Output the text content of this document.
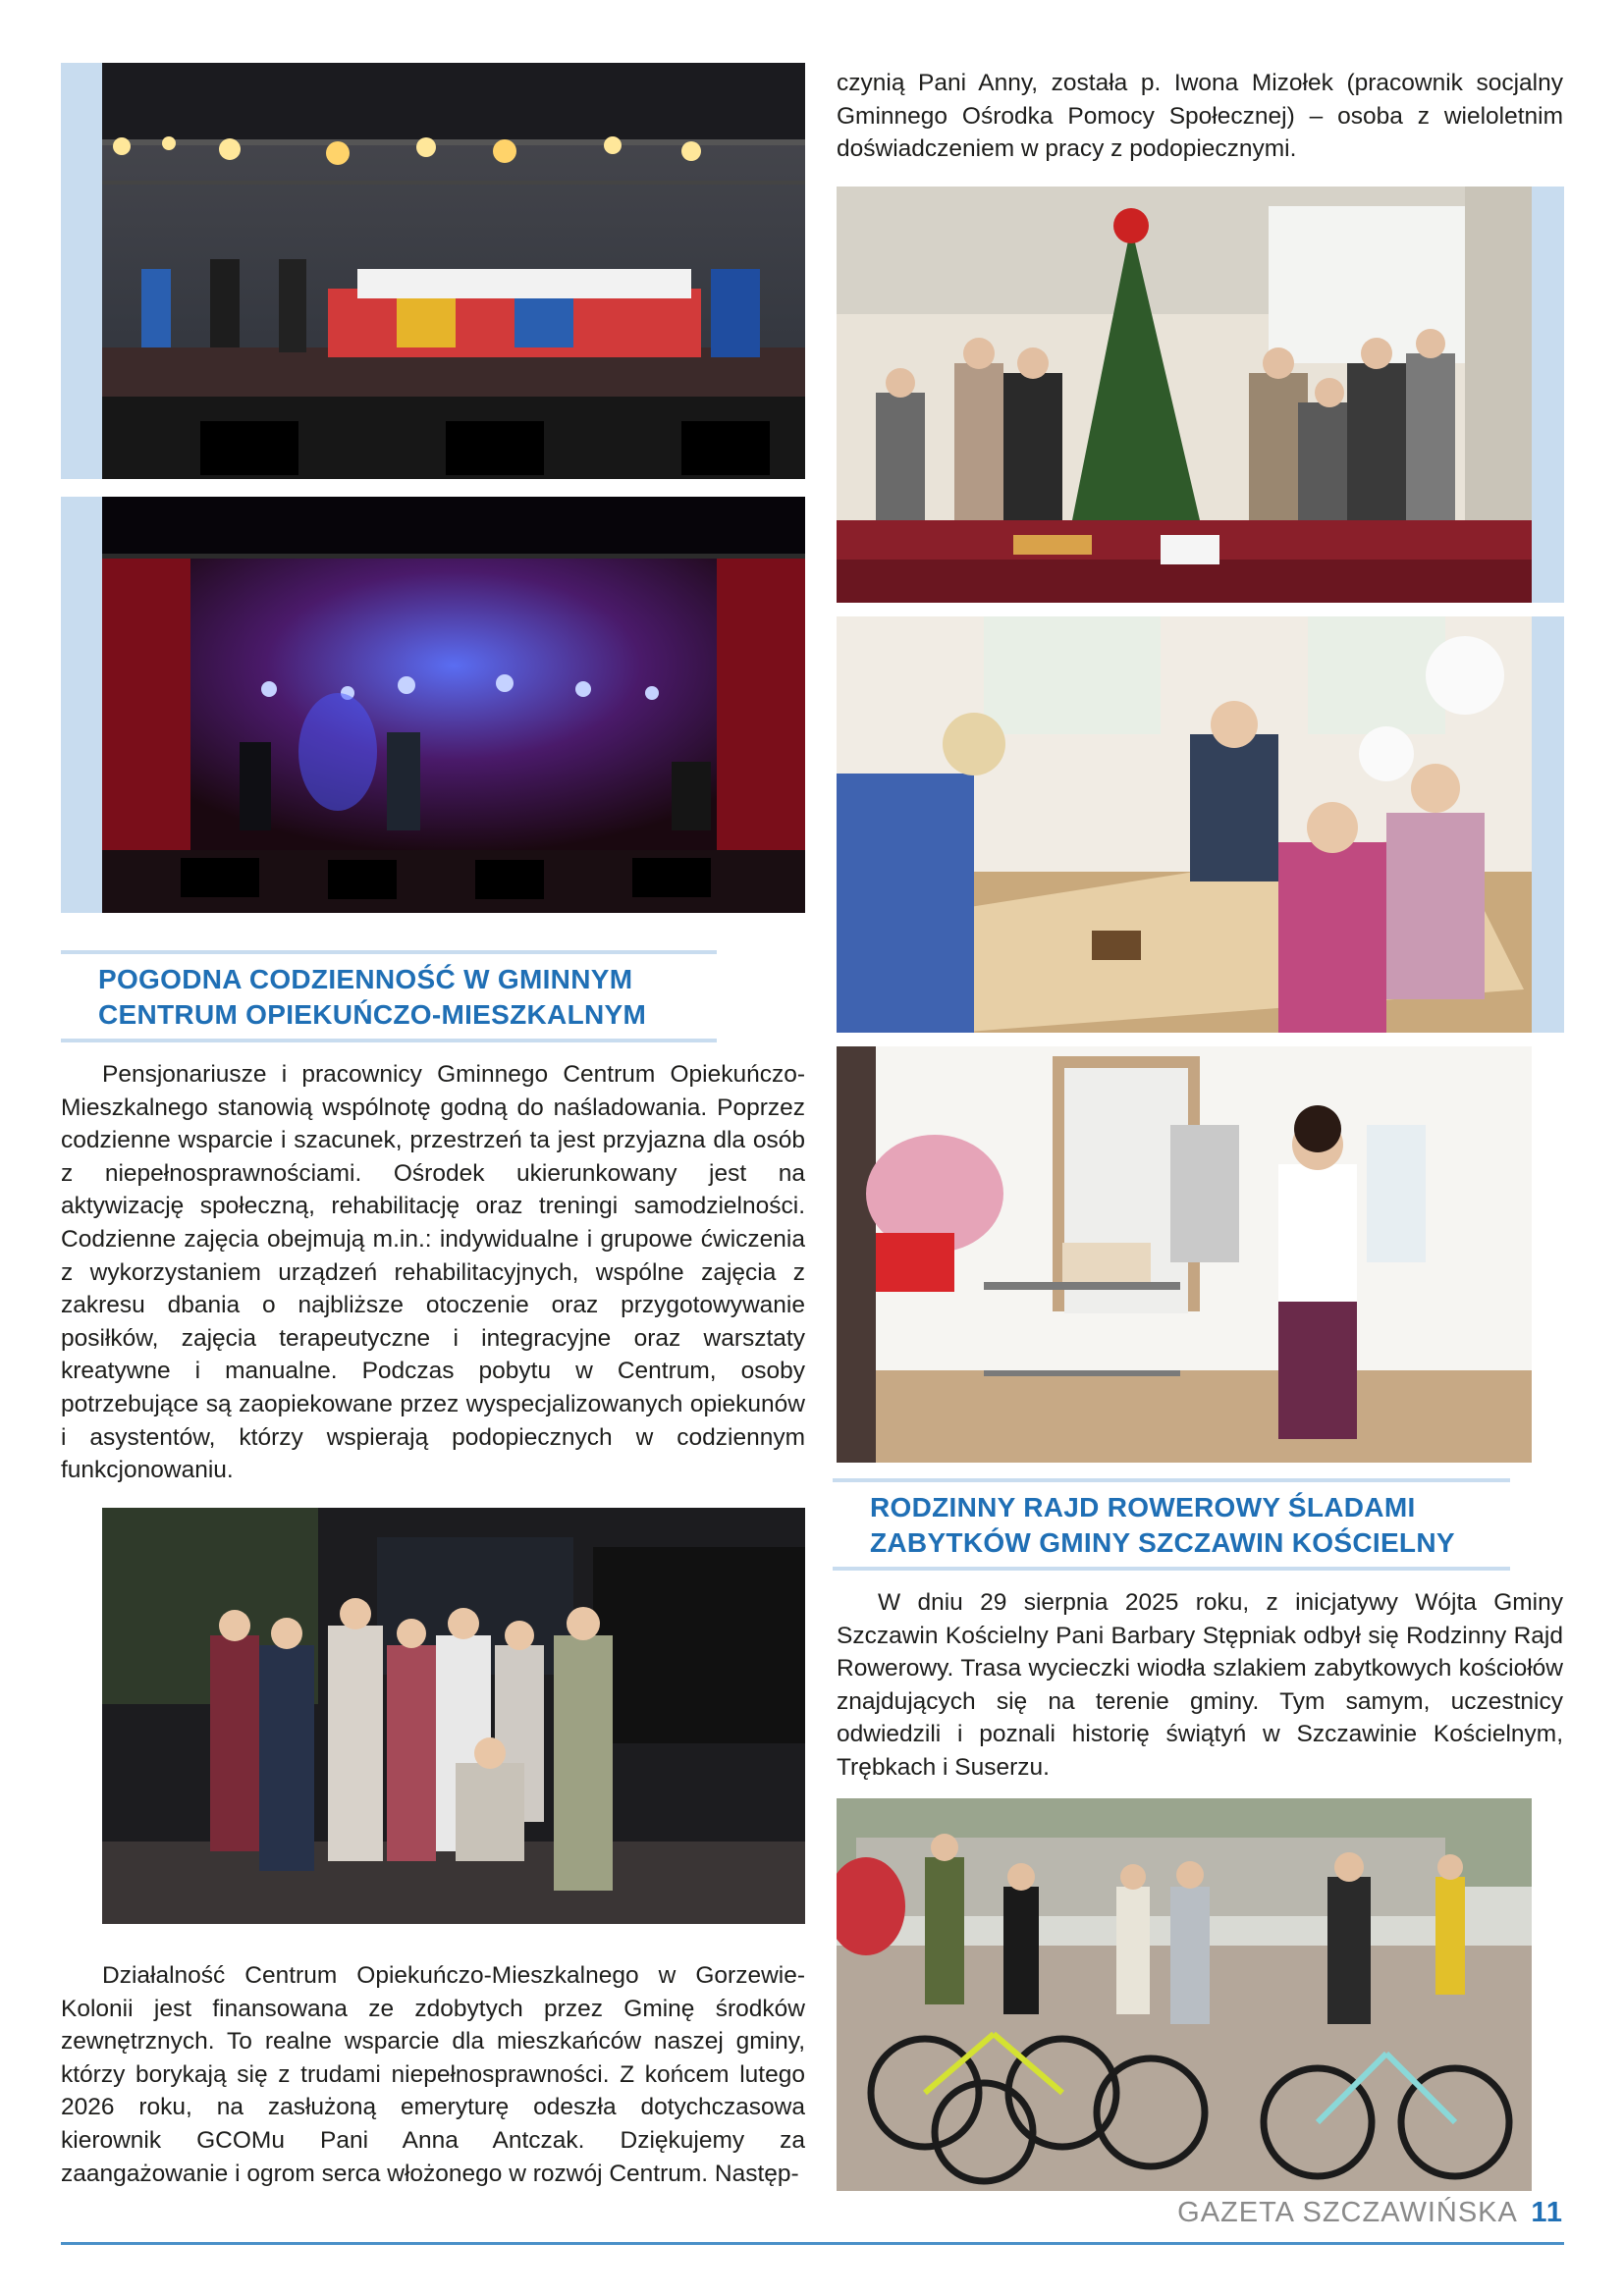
POGODNA CODZIENNOŚĆ W GMINNYM
CENTRUM OPIEKUŃCZO-MIESZKALNYM

Pensjonariusze i pracownicy Gminnego Centrum Opiekuńczo-Mieszkalnego stanowią wspólnotę godną do naśladowania. Poprzez codzienne wsparcie i szacunek, przestrzeń ta jest przyjazna dla osób z niepełnosprawnościami. Ośrodek ukierunkowany jest na aktywizację społeczną, rehabilitację oraz treningi samodzielności. Codzienne zajęcia obejmują m.in.: indywidualne i grupowe ćwiczenia z wykorzystaniem urządzeń rehabilitacyjnych, wspólne zajęcia z zakresu dbania o najbliższe otoczenie oraz przygotowywanie posiłków, zajęcia terapeutyczne i integracyjne oraz warsztaty kreatywne i manualne. Podczas pobytu w Centrum, osoby potrzebujące są zaopiekowane przez wyspecjalizowanych opiekunów i asystentów, którzy wspierają podopiecznych w codziennym funkcjonowaniu.

Działalność Centrum Opiekuńczo-Mieszkalnego w Gorzewie-Kolonii jest finansowana ze zdobytych przez Gminę środków zewnętrznych. To realne wsparcie dla mieszkańców naszej gminy, którzy borykają się z trudami niepełnosprawności. Z końcem lutego 2026 roku, na zasłużoną emeryturę odeszła dotychczasowa kierownik GCOMu Pani Anna Antczak. Dziękujemy za zaangażowanie i ogrom serca włożonego w rozwój Centrum. Następ-

czynią Pani Anny, została p. Iwona Mizołek (pracownik socjalny Gminnego Ośrodka Pomocy Społecznej) – osoba z wieloletnim doświadczeniem w pracy z podopiecznymi.
RODZINNY RAJD ROWEROWY ŚLADAMI
ZABYTKÓW GMINY SZCZAWIN KOŚCIELNY

W dniu 29 sierpnia 2025 roku, z inicjatywy Wójta Gminy Szczawin Kościelny Pani Barbary Stępniak odbył się Rodzinny Rajd Rowerowy. Trasa wycieczki wiodła szlakiem zabytkowych kościołów znajdujących się na terenie gminy. Tym samym, uczestnicy odwiedzili i poznali historię świątyń w Szczawinie Kościelnym, Trębkach i Suserzu.

GAZETA SZCZAWIŃSKA 11
